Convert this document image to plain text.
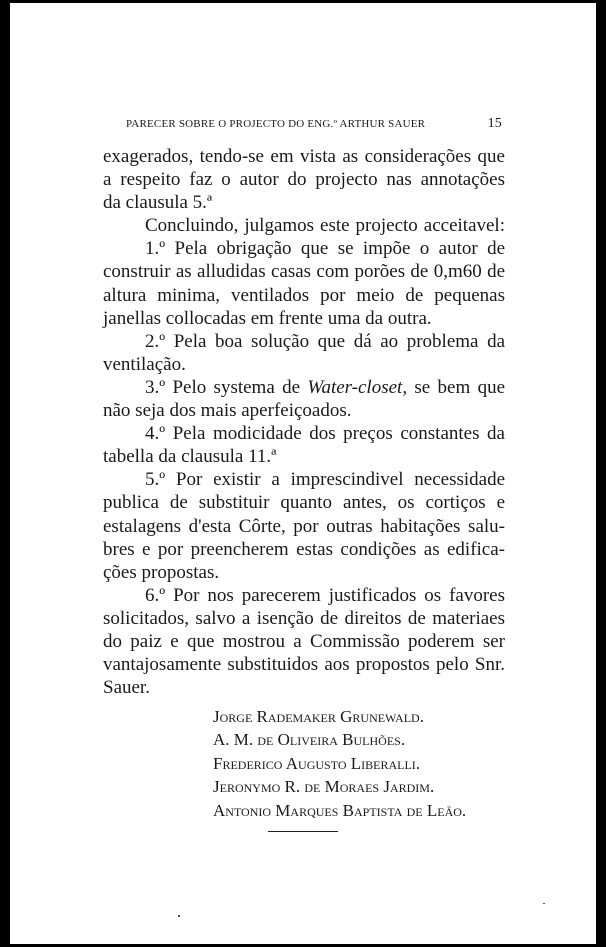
PARECER SOBRE O PROJECTO DO ENG.º ARTHUR SAUER	15
exagerados, tendo-se em vista as considerações que
a respeito faz o autor do projecto nas annotações
da clausula 5.ª
Concluindo, julgamos este projecto acceitavel:
1.º Pela obrigação que se impõe o autor de
construir as alludidas casas com porões de 0,m60 de
altura minima, ventilados por meio de pequenas
janellas collocadas em frente uma da outra.
2.º Pela boa solução que dá ao problema da
ventilação.
3.º Pelo systema de Water-closet, se bem que
não seja dos mais aperfeiçoados.
4.º Pela modicidade dos preços constantes da
tabella da clausula 11.ª
5.º Por existir a imprescindivel necessidade
publica de substituir quanto antes, os cortiços e
estalagens d'esta Côrte, por outras habitações salu-
bres e por preencherem estas condições as edifica-
ções propostas.
6.º Por nos parecerem justificados os favores
solicitados, salvo a isenção de direitos de materiaes
do paiz e que mostrou a Commissão poderem ser
vantajosamente substituidos aos propostos pelo Snr.
Sauer.
Jorge Rademaker Grunewald.
A. M. de Oliveira Bulhões.
Frederico Augusto Liberalli.
Jeronymo R. de Moraes Jardim.
Antonio Marques Baptista de Leão.
